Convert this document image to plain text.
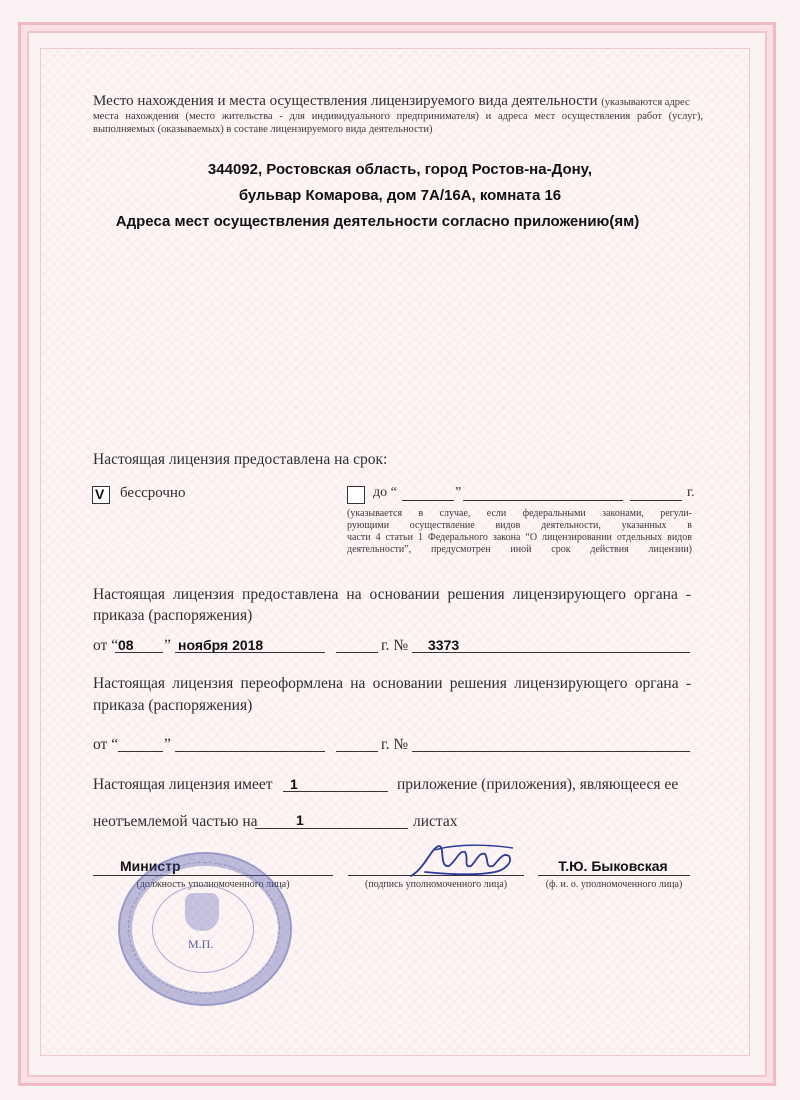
Место нахождения и места осуществления лицензируемого вида деятельности (указываются адрес
места нахождения (место жительства - для индивидуального предпринимателя) и адреса мест осуществления работ (услуг),
выполняемых (оказываемых) в составе лицензируемого вида деятельности)
344092, Ростовская область, город Ростов-на-Дону,
бульвар Комарова, дом 7А/16А, комната 16
Адреса мест осуществления деятельности согласно приложению(ям)
Настоящая лицензия предоставлена на срок:
V бессрочно	до “	”	г.
(указывается в случае, если федеральными законами, регули-
рующими осуществление видов деятельности, указанных в
части 4 статьи 1 Федерального закона “О лицензировании отдельных видов
деятельности”, предусмотрен иной срок действия лицензии)
Настоящая лицензия предоставлена на основании решения лицензирующего органа -
приказа (распоряжения)
от “ 08 ” ноября 2018	г. № 3373
Настоящая лицензия переоформлена на основании решения лицензирующего органа -
приказа (распоряжения)
от “	”	г. №
Настоящая лицензия имеет 1	приложение (приложения), являющееся ее
неотъемлемой частью на	1	листах
Министр
(должность уполномоченного лица)	(подпись уполномоченного лица)
Т.Ю. Быковская
(ф. и. о. уполномоченного лица)
М.П.
